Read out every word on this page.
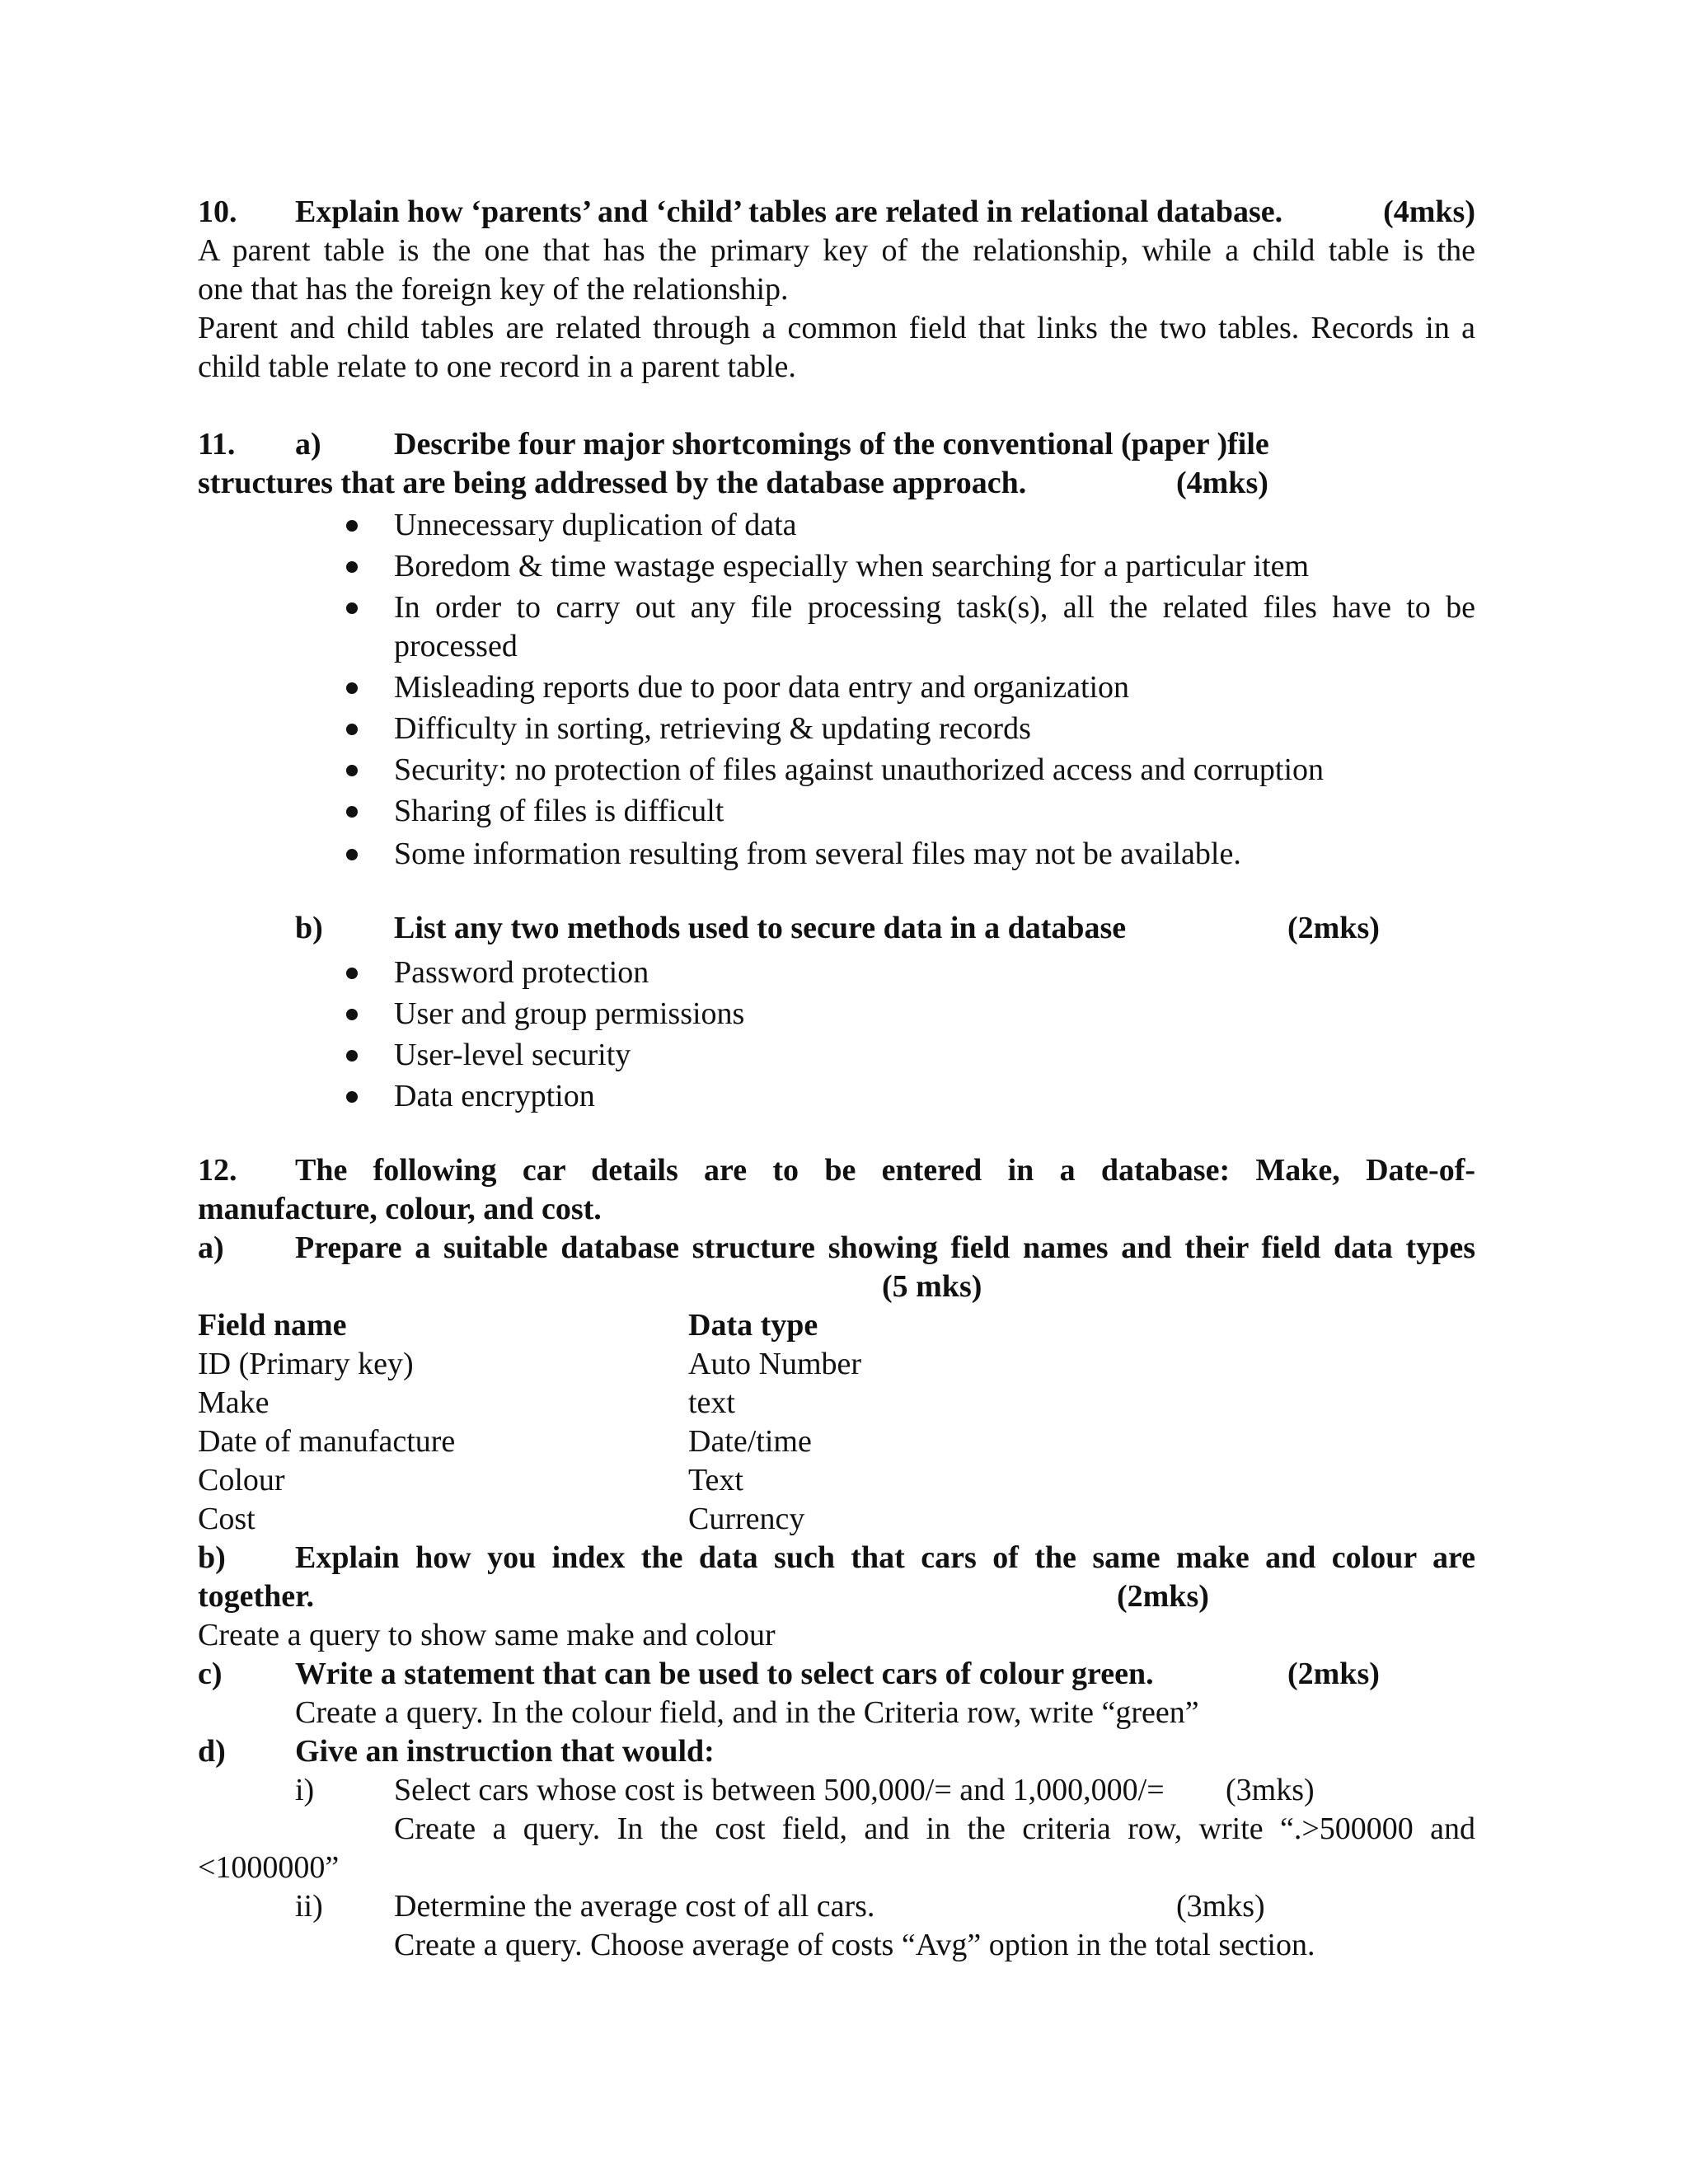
10. Explain how ‘parents’ and ‘child’ tables are related in relational database.	(4mks)
A parent table is the one that has the primary key of the relationship, while a child table is the
one that has the foreign key of the relationship.
Parent and child tables are related through a common field that links the two tables. Records in a
child table relate to one record in a parent table.
11. a) Describe four major shortcomings of the conventional (paper )file
structures that are being addressed by the database approach.	(4mks)
Unnecessary duplication of data
Boredom & time wastage especially when searching for a particular item
In order to carry out any file processing task(s), all the related files have to be
processed
Misleading reports due to poor data entry and organization
Difficulty in sorting, retrieving & updating records
Security: no protection of files against unauthorized access and corruption
Sharing of files is difficult
Some information resulting from several files may not be available.
b) List any two methods used to secure data in a database	(2mks)
Password protection
User and group permissions
User-level security
Data encryption
12. The following car details are to be entered in a database: Make, Date-of-
manufacture, colour, and cost.
a) Prepare a suitable database structure showing field names and their field data types
(5 mks)
Field name	Data type
ID (Primary key)	Auto Number
Make	text
Date of manufacture	Date/time
Colour	Text
Cost	Currency
b) Explain how you index the data such that cars of the same make and colour are
together.	(2mks)
Create a query to show same make and colour
c) Write a statement that can be used to select cars of colour green.	(2mks)
Create a query. In the colour field, and in the Criteria row, write “green”
d) Give an instruction that would:
i)	Select cars whose cost is between 500,000/= and 1,000,000/= (3mks)
Create a query. In the cost field, and in the criteria row, write “.>500000 and
<1000000”
ii) Determine the average cost of all cars.	(3mks)
Create a query. Choose average of costs “Avg” option in the total section.
